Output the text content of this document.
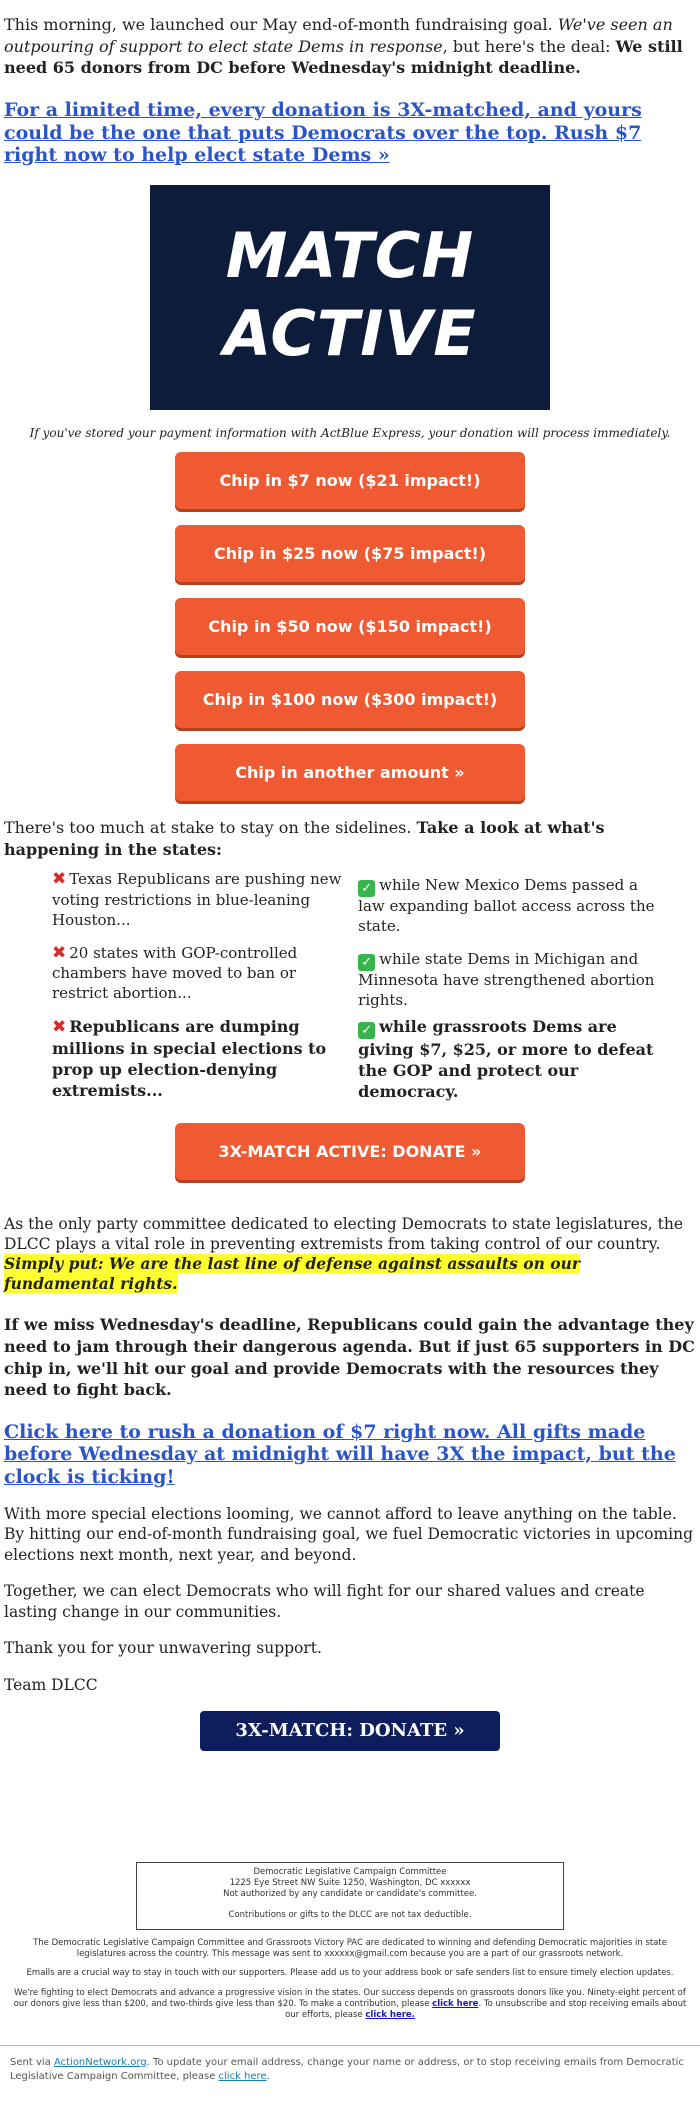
This morning, we launched our May end-of-month fundraising goal. We've seen an outpouring of support to elect state Dems in response, but here's the deal: We still need 65 donors from DC before Wednesday's midnight deadline.

For a limited time, every donation is 3X-matched, and yours could be the one that puts Democrats over the top. Rush $7 right now to help elect state Dems »
MATCH
ACTIVE

If you've stored your payment information with ActBlue Express, your donation will process immediately.

Chip in $7 now ($21 impact!)
Chip in $25 now ($75 impact!)
Chip in $50 now ($150 impact!)
Chip in $100 now ($300 impact!)
Chip in another amount »

There's too much at stake to stay on the sidelines. Take a look at what's happening in the states:

✖ Texas Republicans are pushing new voting restrictions in blue-leaning Houston...	✓ while New Mexico Dems passed a law expanding ballot access across the state.

✖ 20 states with GOP-controlled chambers have moved to ban or restrict abortion...	✓ while state Dems in Michigan and Minnesota have strengthened abortion rights.

✖ Republicans are dumping millions in special elections to prop up election-denying extremists...	✓ while grassroots Dems are giving $7, $25, or more to defeat the GOP and protect our democracy.
3X-MATCH ACTIVE: DONATE »

As the only party committee dedicated to electing Democrats to state legislatures, the DLCC plays a vital role in preventing extremists from taking control of our country. Simply put: We are the last line of defense against assaults on our fundamental rights.

If we miss Wednesday's deadline, Republicans could gain the advantage they need to jam through their dangerous agenda. But if just 65 supporters in DC chip in, we'll hit our goal and provide Democrats with the resources they need to fight back.

Click here to rush a donation of $7 right now. All gifts made before Wednesday at midnight will have 3X the impact, but the clock is ticking!

With more special elections looming, we cannot afford to leave anything on the table. By hitting our end-of-month fundraising goal, we fuel Democratic victories in upcoming elections next month, next year, and beyond.

Together, we can elect Democrats who will fight for our shared values and create lasting change in our communities.

Thank you for your unwavering support.

Team DLCC

3X-MATCH: DONATE »
Democratic Legislative Campaign Committee
1225 Eye Street NW Suite 1250, Washington, DC xxxxxx
Not authorized by any candidate or candidate's committee.
Contributions or gifts to the DLCC are not tax deductible.

The Democratic Legislative Campaign Committee and Grassroots Victory PAC are dedicated to winning and defending Democratic majorities in state legislatures across the country. This message was sent to xxxxxx@gmail.com because you are a part of our grassroots network.

Emails are a crucial way to stay in touch with our supporters. Please add us to your address book or safe senders list to ensure timely election updates.

We're fighting to elect Democrats and advance a progressive vision in the states. Our success depends on grassroots donors like you. Ninety-eight percent of our donors give less than $200, and two-thirds give less than $20. To make a contribution, please click here. To unsubscribe and stop receiving emails about our efforts, please click here.

Sent via ActionNetwork.org. To update your email address, change your name or address, or to stop receiving emails from Democratic Legislative Campaign Committee, please click here.
